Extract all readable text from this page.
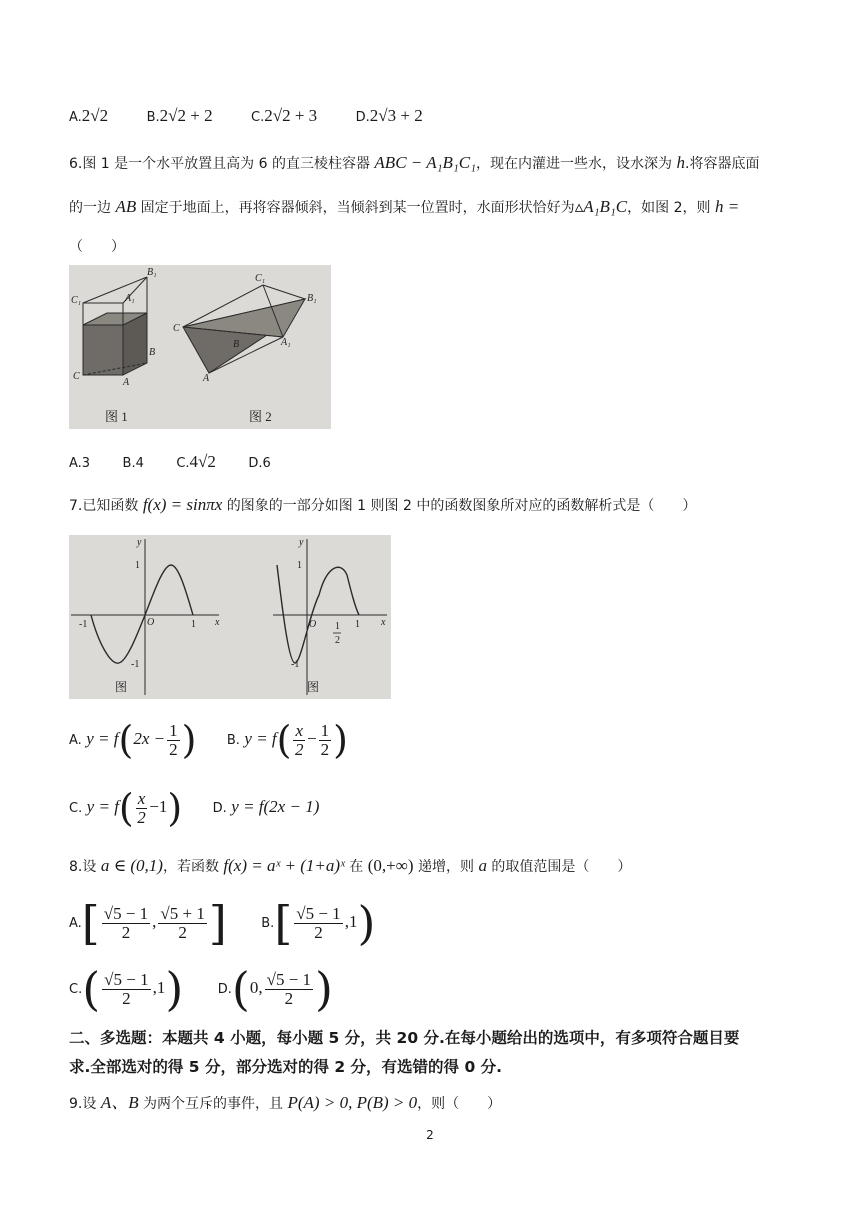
A.2√2	B.2√2 + 2	C.2√2 + 3	D.2√3 + 2
6.图 1 是一个水平放置且高为 6 的直三棱柱容器 ABC − A₁B₁C₁，现在内灌进一些水，设水深为 h.将容器底面
的一边 AB 固定于地面上，再将容器倾斜，当倾斜到某一位置时，水面形状恰好为▵A₁B₁C，如图 2，则 h =
（　　）
B₁
C₁	A₁
B
C
A
C₁
B₁
C
A₁
B
A
图 1	图 2
A.3 B.4 C.4√2 D.6
7.已知函数 f(x) = sinπx 的图象的一部分如图 1 则图 2 中的函数图象所对应的函数解析式是（　　）
y
x
1
-1	O	1
-1
图
y
x
1
O 1
2
1
-1
图
A. $y = f(2x - \frac{1}{2}$ ) B. $y = f( \frac{x}{2} - \frac{1}{2}$ )
C. $y = f( \frac{x}{2} -1)$ D. y = f(2x − 1)
8.设 a ∈ (0,1)，若函数 f(x) = aˣ + (1+a)ˣ 在 (0,+∞) 递增，则 a 的取值范围是（　　）
$A.[ \frac{√5 - 1}{2}$ , $\frac{√5 + 1}{2}$ ]	$B.[ \frac{√5 - 1}{2} ,1)$
$C.( \frac{√5 - 1}{2} ,1)$	D.(0, $\frac{√5 - 1}{2}$ )
二、多选题：本题共 4 小题，每小题 5 分，共 20 分.在每小题给出的选项中，有多项符合题目要
求.全部选对的得 5 分，部分选对的得 2 分，有选错的得 0 分.
9.设 A、B 为两个互斥的事件，且 P(A) > 0, P(B) > 0，则（　　）
2
